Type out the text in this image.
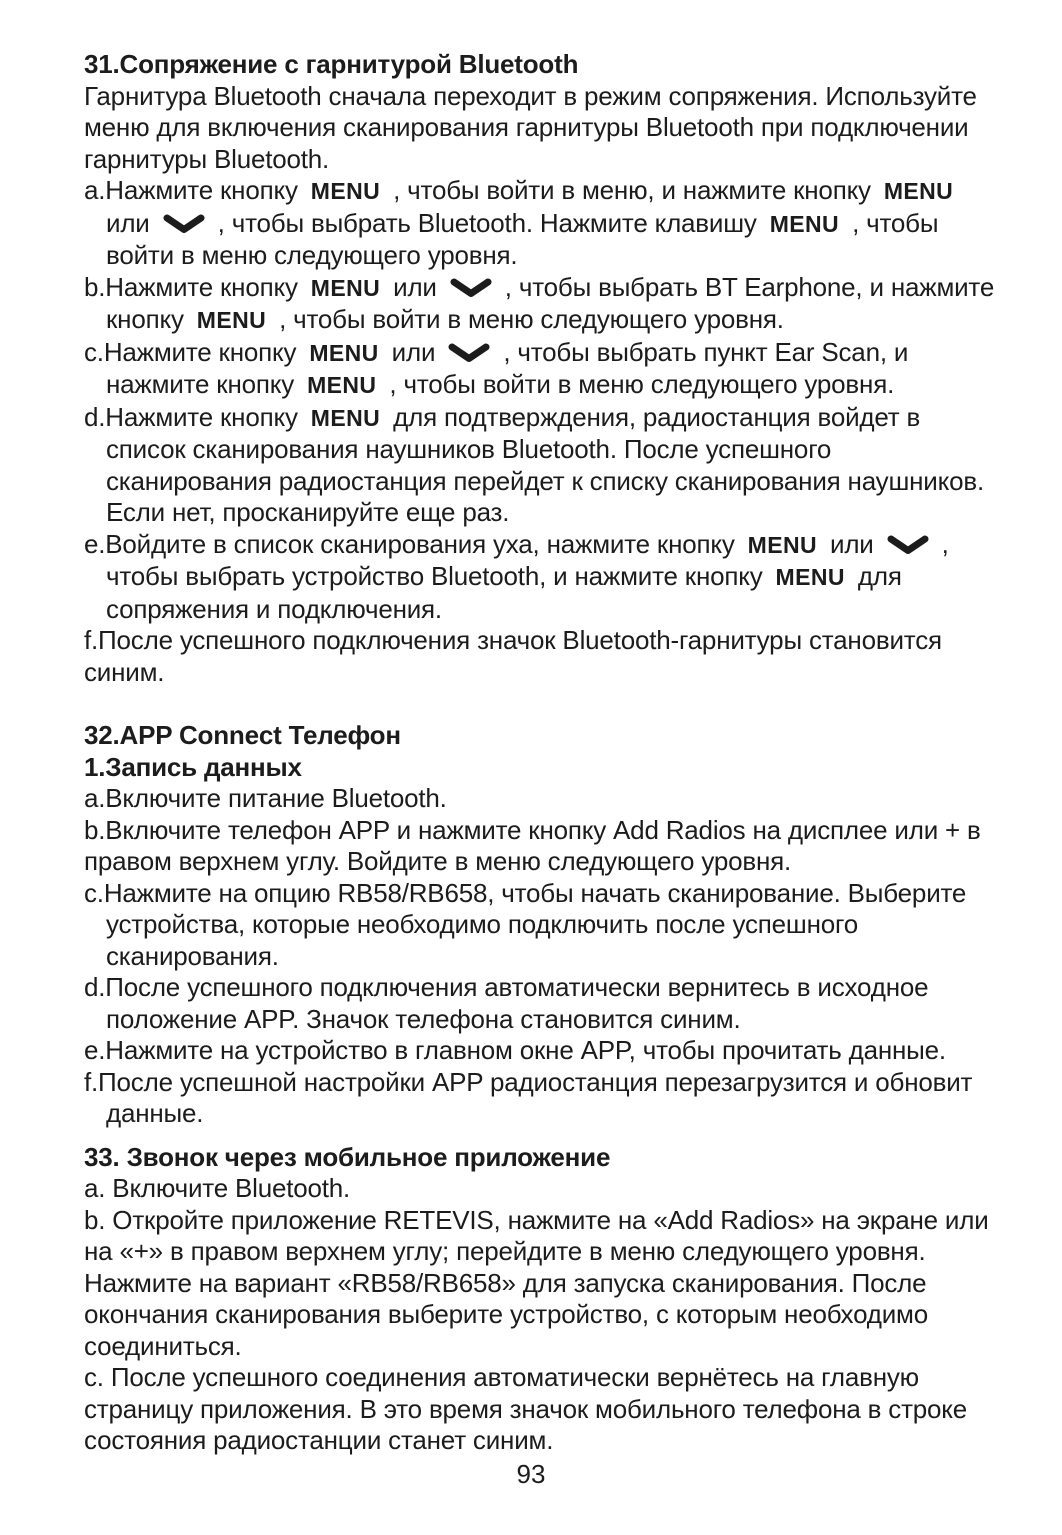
31.Сопряжение с гарнитурой Bluetooth
Гарнитура Bluetooth сначала переходит в режим сопряжения. Используйте
меню для включения сканирования гарнитуры Bluetooth при подключении
гарнитуры Bluetooth.
a.Нажмите кнопку MENU , чтобы войти в меню, и нажмите кнопку MENU
или
, чтобы выбрать Bluetooth. Нажмите клавишу MENU , чтобы
войти в меню следующего уровня.
b.Нажмите кнопку MENU или
, чтобы выбрать BT Earphone, и нажмите
кнопку MENU , чтобы войти в меню следующего уровня.
c.Нажмите кнопку MENU или
, чтобы выбрать пункт Ear Scan, и
нажмите кнопку MENU , чтобы войти в меню следующего уровня.
d.Нажмите кнопку MENU для подтверждения, радиостанция войдет в
список сканирования наушников Bluetooth. После успешного
сканирования радиостанция перейдет к списку сканирования наушников.
Если нет, просканируйте еще раз.
e.Войдите в список сканирования уха, нажмите кнопку MENU или
,
чтобы выбрать устройство Bluetooth, и нажмите кнопку MENU для
сопряжения и подключения.
f.После успешного подключения значок Bluetooth-гарнитуры становится
синим.
32.APP Connect Телефон
1.Запись данных
a.Включите питание Bluetooth.
b.Включите телефон APP и нажмите кнопку Add Radios на дисплее или + в
правом верхнем углу. Войдите в меню следующего уровня.
c.Нажмите на опцию RB58/RB658, чтобы начать сканирование. Выберите
устройства, которые необходимо подключить после успешного
сканирования.
d.После успешного подключения автоматически вернитесь в исходное
положение APP. Значок телефона становится синим.
e.Нажмите на устройство в главном окне APP, чтобы прочитать данные.
f.После успешной настройки APP радиостанция перезагрузится и обновит
данные.
33. Звонок через мобильное приложение
a. Включите Bluetooth.
b. Откройте приложение RETEVIS, нажмите на «Add Radios» на экране или
на «+» в правом верхнем углу; перейдите в меню следующего уровня.
Нажмите на вариант «RB58/RB658» для запуска сканирования. После
окончания сканирования выберите устройство, с которым необходимо
соединиться.
c. После успешного соединения автоматически вернётесь на главную
страницу приложения. В это время значок мобильного телефона в строке
состояния радиостанции станет синим.
93
